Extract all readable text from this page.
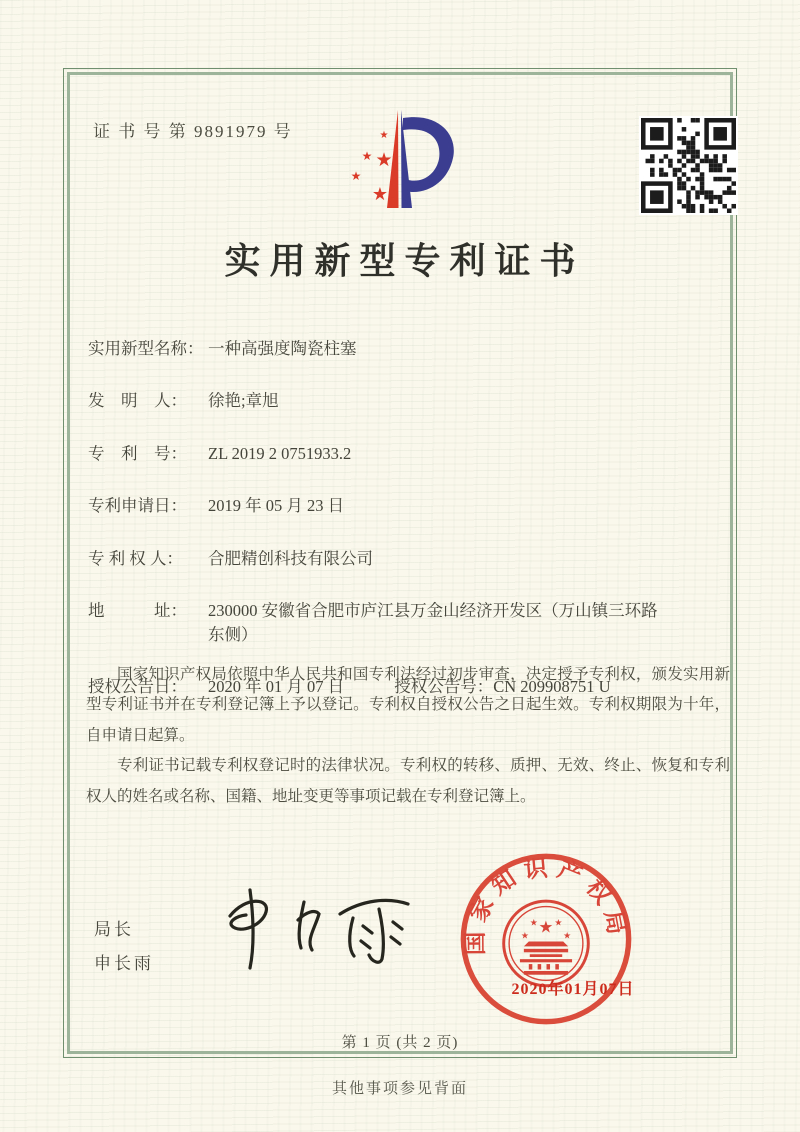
证 书 号 第 9891979 号	★
★ ★
★
★
实用新型专利证书
实用新型名称： 一种高强度陶瓷柱塞
发　明　人： 徐艳;章旭
专　利　号： ZL 2019 2 0751933.2
专利申请日： 2019 年 05 月 23 日
专 利 权 人： 合肥精创科技有限公司
地　　　址： 230000 安徽省合肥市庐江县万金山经济开发区（万山镇三环路东侧）
授权公告日： 2020 年 01 月 07 日	授权公告号：CN 209908751 U

国家知识产权局依照中华人民共和国专利法经过初步审查，决定授予专利权，颁发实用新型专利证书并在专利登记簿上予以登记。专利权自授权公告之日起生效。专利权期限为十年，自申请日起算。

专利证书记载专利权登记时的法律状况。专利权的转移、质押、无效、终止、恢复和专利权人的姓名或名称、国籍、地址变更等事项记载在专利登记簿上。

局长
申长雨
国家知识产权局
★
★
★ ★
★
2020年01月07日
第 1 页 (共 2 页)
其他事项参见背面
